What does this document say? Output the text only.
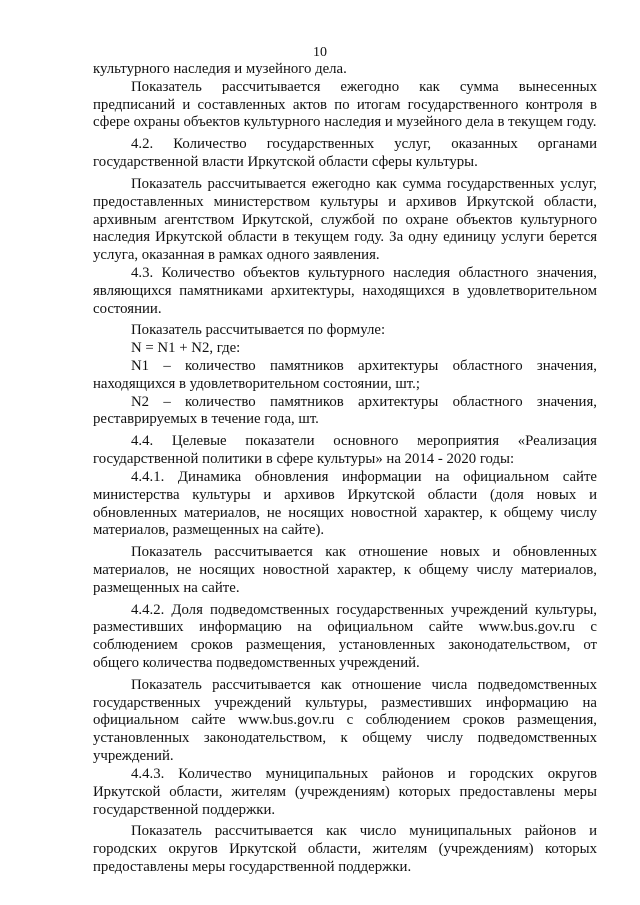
10

культурного наследия и музейного дела.

Показатель рассчитывается ежегодно как сумма вынесенных предписаний и составленных актов по итогам государственного контроля в сфере охраны объектов культурного наследия и музейного дела в текущем году.

4.2. Количество государственных услуг, оказанных органами государственной власти Иркутской области сферы культуры.

Показатель рассчитывается ежегодно как сумма государственных услуг, предоставленных министерством культуры и архивов Иркутской области, архивным агентством Иркутской, службой по охране объектов культурного наследия Иркутской области в текущем году. За одну единицу услуги берется услуга, оказанная в рамках одного заявления.

4.3. Количество объектов культурного наследия областного значения, являющихся памятниками архитектуры, находящихся в удовлетворительном состоянии.

Показатель рассчитывается по формуле:

N = N1 + N2, где:

N1 – количество памятников архитектуры областного значения, находящихся в удовлетворительном состоянии, шт.;

N2 – количество памятников архитектуры областного значения, реставрируемых в течение года, шт.

4.4. Целевые показатели основного мероприятия «Реализация государственной политики в сфере культуры» на 2014 - 2020 годы:

4.4.1. Динамика обновления информации на официальном сайте министерства культуры и архивов Иркутской области (доля новых и обновленных материалов, не носящих новостной характер, к общему числу материалов, размещенных на сайте).

Показатель рассчитывается как отношение новых и обновленных материалов, не носящих новостной характер, к общему числу материалов, размещенных на сайте.

4.4.2. Доля подведомственных государственных учреждений культуры, разместивших информацию на официальном сайте www.bus.gov.ru с соблюдением сроков размещения, установленных законодательством, от общего количества подведомственных учреждений.

Показатель рассчитывается как отношение числа подведомственных государственных учреждений культуры, разместивших информацию на официальном сайте www.bus.gov.ru с соблюдением сроков размещения, установленных законодательством, к общему числу подведомственных учреждений.

4.4.3. Количество муниципальных районов и городских округов Иркутской области, жителям (учреждениям) которых предоставлены меры государственной поддержки.

Показатель рассчитывается как число муниципальных районов и городских округов Иркутской области, жителям (учреждениям) которых предоставлены меры государственной поддержки.
